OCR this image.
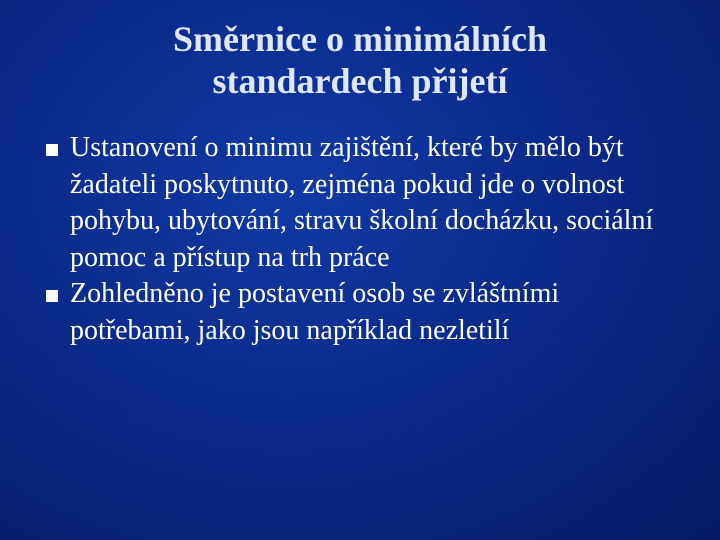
Směrnice o minimálních
standardech přijetí
Ustanovení o minimu zajištění, které by mělo být žadateli poskytnuto, zejména pokud jde o volnost pohybu, ubytování, stravu školní docházku, sociální pomoc a přístup na trh práce
Zohledněno je postavení osob se zvláštními potřebami, jako jsou například nezletilí
